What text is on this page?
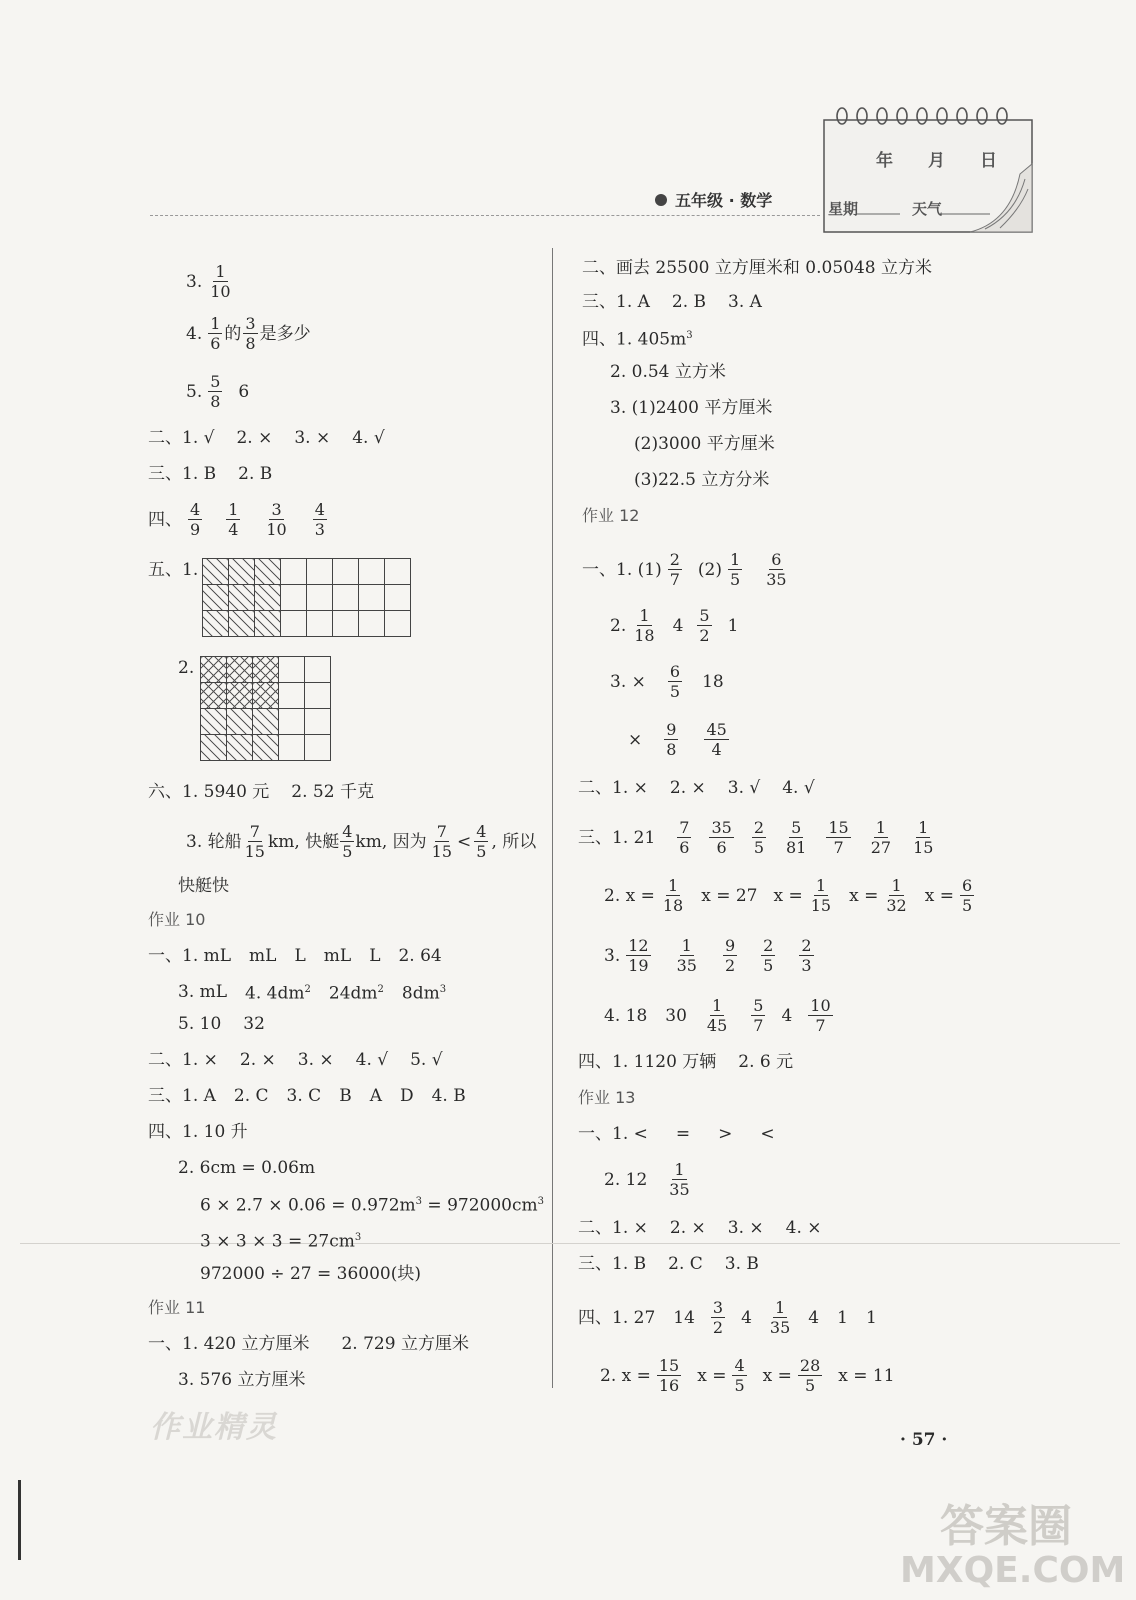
五年级 · 数学
年 月 日
星期	天气
3. $\frac{1}{10}$
4. $\frac{1}{6}$ 的 $\frac{3}{8}$ 是多少
5. $\frac{5}{8} 6$
二、1. √ 2. × 3. × 4. √
三、1. B 2. B
四、 $\frac{4}{9} \frac{1}{4} \frac{3}{10} \frac{4}{3}$
五、1.
2.
六、1. 5940 元 2. 52 千克
3. 轮船 $\frac{7}{15}$ km, 快艇 $\frac{4}{5}$ km, 因为 $\frac{7}{15} < \frac{4}{5}$ , 所以
快艇快
作业 10
一、1. mL mL L mL L 2. 64
3. mL 4. $4dm^2$ $24dm^2$ $8dm^3$
5. 10 32
二、1. × 2. × 3. × 4. √ 5. √
三、1. A 2. C 3. C B A D 4. B
四、1. 10 升
2. 6cm = 0.06m
$6 \times 2.7 \times 0.06 = 0.972m^3 = 972000cm^3$
$3 \times 3 \times 3 = 27cm^3$
972000 ÷ 27 = 36000(块)
作业 11
一、1. 420 立方厘米 2. 729 立方厘米
3. 576 立方厘米
二、画去 25500 立方厘米和 0.05048 立方米
三、1. A 2. B 3. A
四、1. $405m^3$
2. 0.54 立方米
3. (1)2400 平方厘米
(2)3000 平方厘米
(3)22.5 立方分米
作业 12
一、1. $(1) \frac{2}{7} (2) \frac{1}{5} \frac{6}{35}$
2. $\frac{1}{18} 4 \frac{5}{2} 1$
3. × $\frac{6}{5} 18$
× $\frac{9}{8} \frac{45}{4}$
二、1. × 2. × 3. √ 4. √
三、1. $21 \frac{7}{6} \frac{35}{6} \frac{2}{5} \frac{5}{81} \frac{15}{7} \frac{1}{27} \frac{1}{15}$
2. $x = \frac{1}{18}$ x = 27 $x = \frac{1}{15}$ $x = \frac{1}{32}$ $x = \frac{6}{5}$
3. $\frac{12}{19} \frac{1}{35} \frac{9}{2} \frac{2}{5} \frac{2}{3}$
4. 18 $30 \frac{1}{45} \frac{5}{7} 4 \frac{10}{7}$
四、1. 1120 万辆 2. 6 元
作业 13
一、1. < = > <
2. $12 \frac{1}{35}$
二、1. × 2. × 3. × 4. ×
三、1. B 2. C 3. B
四、1. 27 $14 \frac{3}{2} 4 \frac{1}{35} 4$ 1 1
2. $x = \frac{15}{16}$ $x = \frac{4}{5}$ $x = \frac{28}{5}$ x = 11
· 57 ·
作业精灵
答案圈
MXQE.COM
